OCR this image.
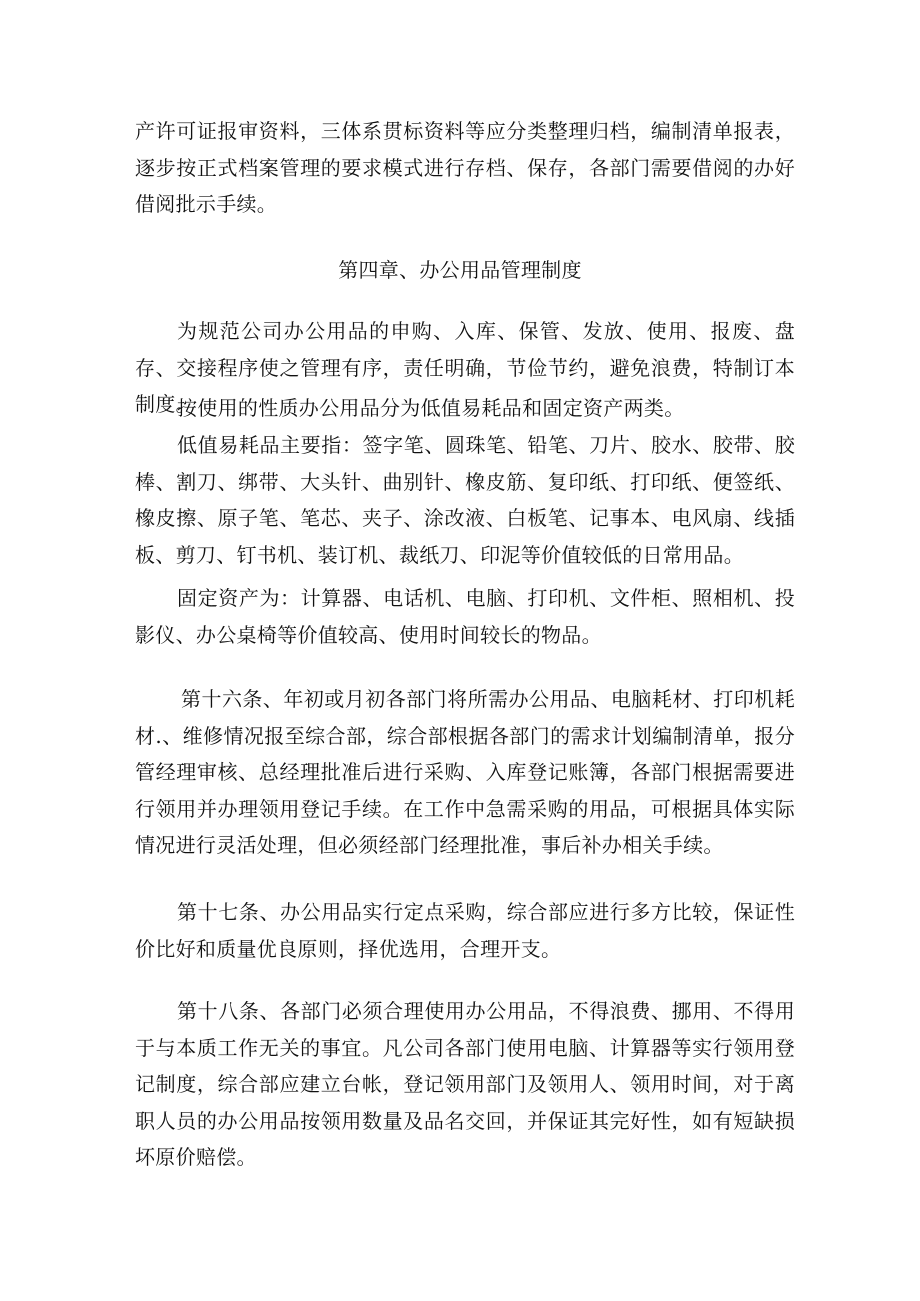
产许可证报审资料，三体系贯标资料等应分类整理归档，编制清单报表，逐步按正式档案管理的要求模式进行存档、保存，各部门需要借阅的办好借阅批示手续。

第四章、办公用品管理制度

为规范公司办公用品的申购、入库、保管、发放、使用、报废、盘存、交接程序使之管理有序，责任明确，节俭节约，避免浪费，特制订本制度。

按使用的性质办公用品分为低值易耗品和固定资产两类。

低值易耗品主要指：签字笔、圆珠笔、铅笔、刀片、胶水、胶带、胶棒、割刀、绑带、大头针、曲别针、橡皮筋、复印纸、打印纸、便签纸、橡皮擦、原子笔、笔芯、夹子、涂改液、白板笔、记事本、电风扇、线插板、剪刀、钉书机、装订机、裁纸刀、印泥等价值较低的日常用品。

固定资产为：计算器、电话机、电脑、打印机、文件柜、照相机、投影仪、办公桌椅等价值较高、使用时间较长的物品。

第十六条、年初或月初各部门将所需办公用品、电脑耗材、打印机耗材.、维修情况报至综合部，综合部根据各部门的需求计划编制清单，报分管经理审核、总经理批准后进行采购、入库登记账簿，各部门根据需要进行领用并办理领用登记手续。在工作中急需采购的用品，可根据具体实际情况进行灵活处理，但必须经部门经理批准，事后补办相关手续。

第十七条、办公用品实行定点采购，综合部应进行多方比较，保证性价比好和质量优良原则，择优选用，合理开支。

第十八条、各部门必须合理使用办公用品，不得浪费、挪用、不得用于与本质工作无关的事宜。凡公司各部门使用电脑、计算器等实行领用登记制度，综合部应建立台帐，登记领用部门及领用人、领用时间，对于离职人员的办公用品按领用数量及品名交回，并保证其完好性，如有短缺损坏原价赔偿。
